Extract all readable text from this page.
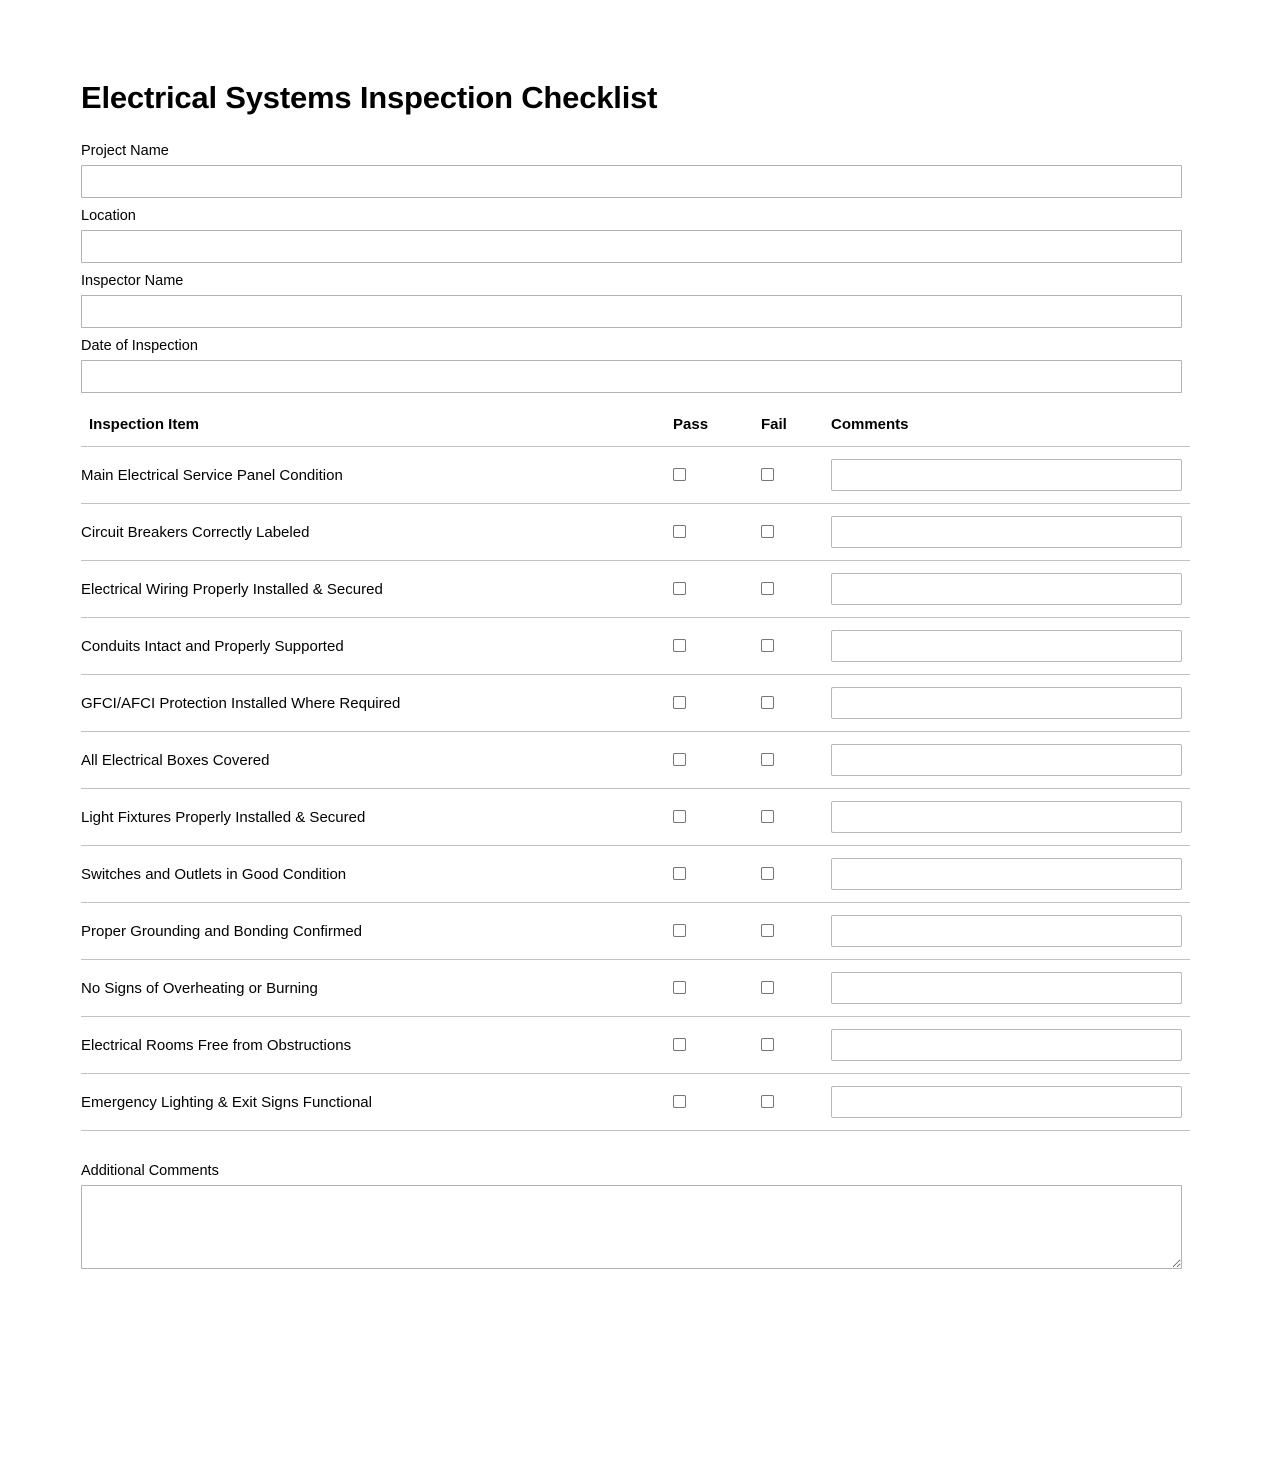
Electrical Systems Inspection Checklist
Project Name
Location
Inspector Name
Date of Inspection
Inspection Item	Pass	Fail	Comments
Main Electrical Service Panel Condition			
Circuit Breakers Correctly Labeled			
Electrical Wiring Properly Installed & Secured			
Conduits Intact and Properly Supported			
GFCI/AFCI Protection Installed Where Required			
All Electrical Boxes Covered			
Light Fixtures Properly Installed & Secured			
Switches and Outlets in Good Condition			
Proper Grounding and Bonding Confirmed			
No Signs of Overheating or Burning			
Electrical Rooms Free from Obstructions			
Emergency Lighting & Exit Signs Functional			
Additional Comments
